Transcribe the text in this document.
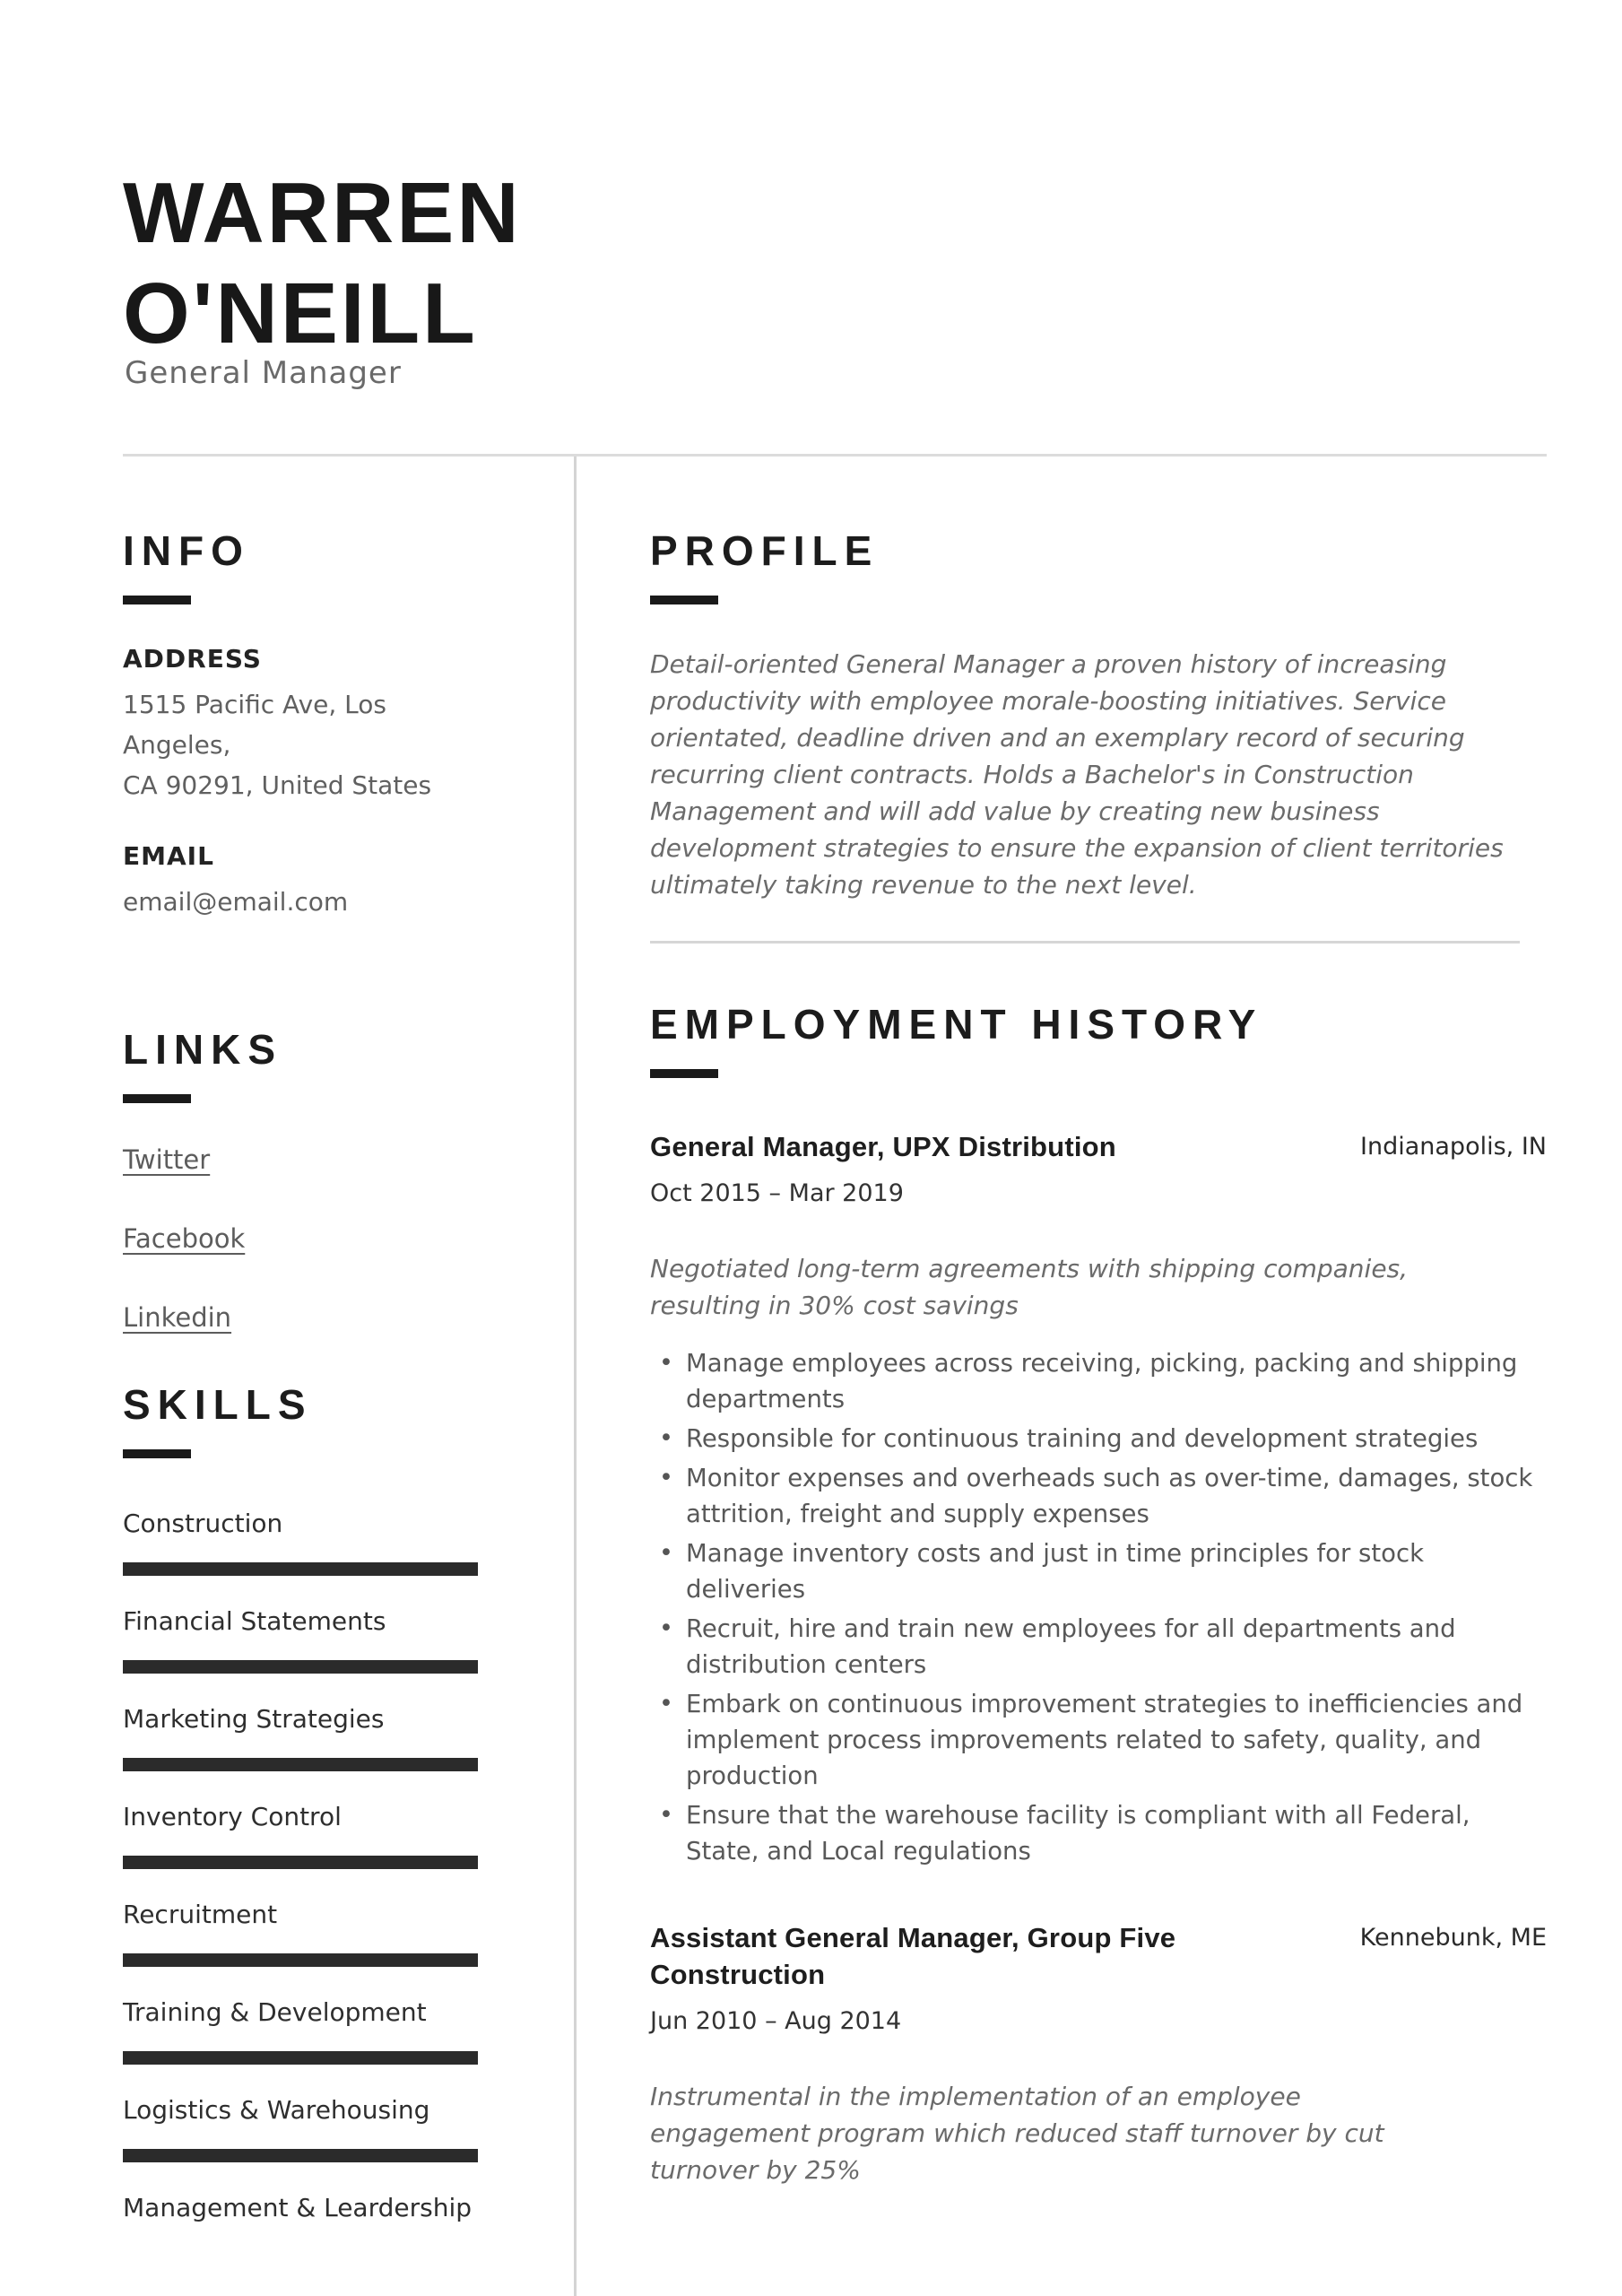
WARREN
O'NEILL
General Manager
INFO
ADDRESS
1515 Pacific Ave, Los Angeles,
CA 90291, United States
EMAIL
email@email.com
LINKS
Twitter
Facebook
Linkedin
SKILLS
Construction
Financial Statements
Marketing Strategies
Inventory Control
Recruitment
Training & Development
Logistics & Warehousing
Management & Leardership
PROFILE

Detail-oriented General Manager a proven history of increasing productivity with employee morale-boosting initiatives. Service orientated, deadline driven and an exemplary record of securing recurring client contracts. Holds a Bachelor's in Construction Management and will add value by creating new business development strategies to ensure the expansion of client territories ultimately taking revenue to the next level.

EMPLOYMENT HISTORY
General Manager, UPX Distribution	Indianapolis, IN
Oct 2015 – Mar 2019

Negotiated long-term agreements with shipping companies, resulting in 30% cost savings

• Manage employees across receiving, picking, packing and shipping departments
• Responsible for continuous training and development strategies
• Monitor expenses and overheads such as over-time, damages, stock attrition, freight and supply expenses
• Manage inventory costs and just in time principles for stock deliveries
• Recruit, hire and train new employees for all departments and distribution centers
• Embark on continuous improvement strategies to inefficiencies and implement process improvements related to safety, quality, and production
• Ensure that the warehouse facility is compliant with all Federal, State, and Local regulations
Assistant General Manager, Group Five Construction
Kennebunk, ME
Jun 2010 – Aug 2014

Instrumental in the implementation of an employee engagement program which reduced staff turnover by cut turnover by 25%
